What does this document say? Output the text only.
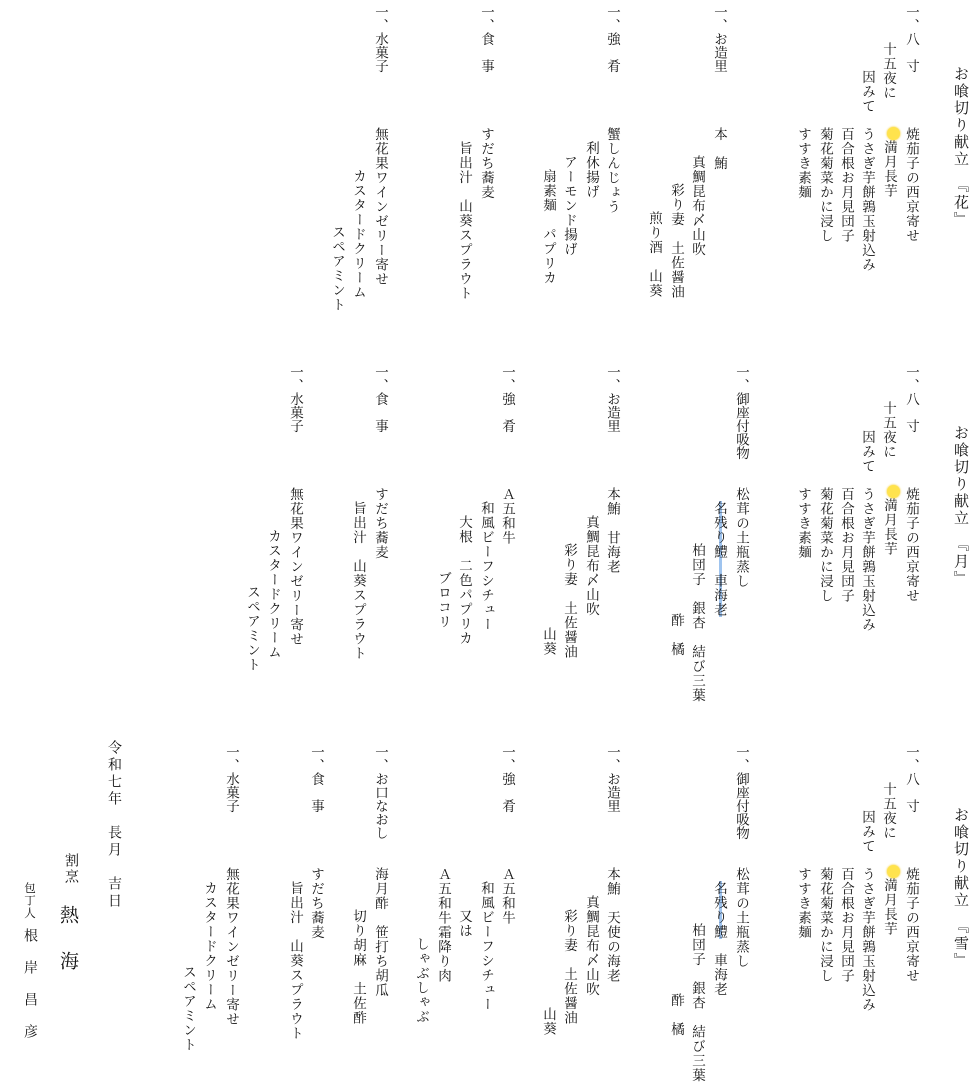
お喰切り献立　『花』
一、八　寸
十五夜に
因みて
焼茄子の西京寄せ
満月長芋
うさぎ芋餅鶉玉射込み
百合根お月見団子
菊花菊菜かに浸し
すすき素麺
一、お造里
本　鮪
真鯛昆布〆山吹
彩り妻　土佐醤油
煎り酒　山葵
一、強　肴
蟹しんじょう
利休揚げ
アーモンド揚げ
扇素麺　パプリカ
一、食　事
すだち蕎麦
旨出汁　山葵スプラウト
一、水菓子
無花果ワインゼリー寄せ
カスタードクリーム
スペアミント
お喰切り献立　『月』
一、八　寸
十五夜に
因みて
焼茄子の西京寄せ
満月長芋
うさぎ芋餅鶉玉射込み
百合根お月見団子
菊花菊菜かに浸し
すすき素麺
一、御座付吸物
松茸の土瓶蒸し
名残り鱧　車海老
柏団子　銀杏　結び三葉
酢　橘
一、お造里
本鮪　甘海老
真鯛昆布〆山吹
彩り妻　土佐醤油
山葵
一、強　肴
Ａ五和牛
和風ビーフシチュー
大根　二色パプリカ
ブロコリ
一、食　事
すだち蕎麦
旨出汁　山葵スプラウト
一、水菓子
無花果ワインゼリー寄せ
カスタードクリーム
スペアミント
お喰切り献立　『雪』
一、八　寸
十五夜に
因みて
焼茄子の西京寄せ
満月長芋
うさぎ芋餅鶉玉射込み
百合根お月見団子
菊花菊菜かに浸し
すすき素麺
一、御座付吸物
松茸の土瓶蒸し
名残り鱧
車海老
柏団子　銀杏　結び三葉
酢　橘
一、お造里
本鮪　天使の海老
真鯛昆布〆山吹
彩り妻　土佐醤油
山葵
一、強　肴
Ａ五和牛
和風ビーフシチュー
又は
Ａ五和牛霜降り肉
しゃぶしゃぶ
一、お口なおし
海月酢　笹打ち胡瓜
切り胡麻　土佐酢
一、食　事
すだち蕎麦
旨出汁　山葵スプラウト
一、水菓子
無花果ワインゼリー寄せ
カスタードクリーム
スペアミント
令和七年　長月　吉日
割烹
熱　海
包丁人
根　岸　昌　彦
